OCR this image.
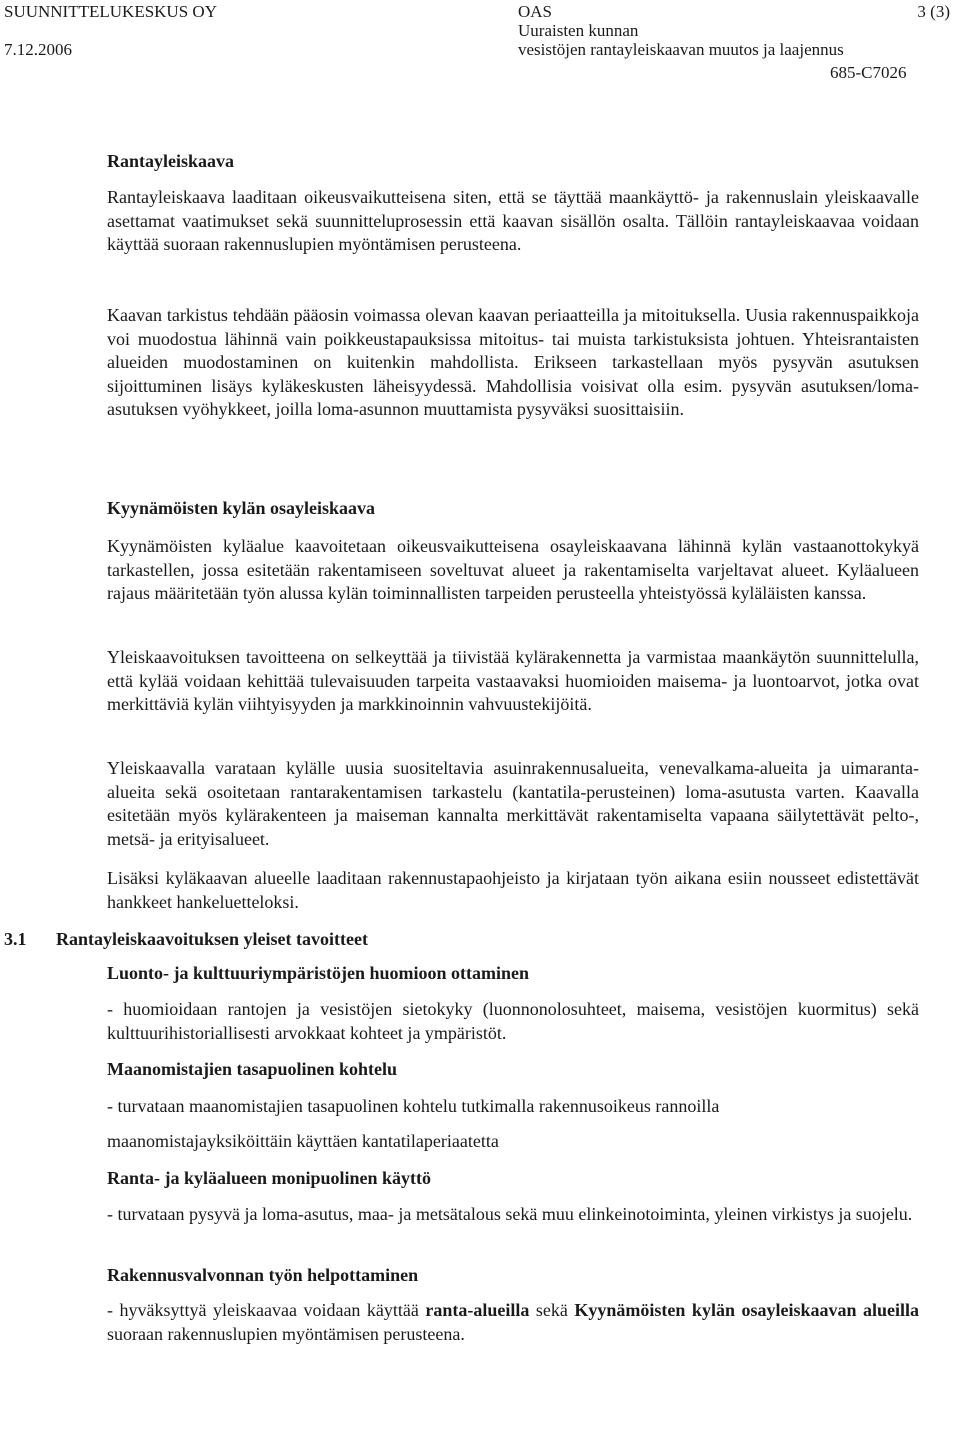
SUUNNITTELUKESKUS OY
7.12.2006
OAS
Uuraisten kunnan
vesistöjen rantayleiskaavan muutos ja laajennus
685-C7026
3 (3)
Rantayleiskaava
Rantayleiskaava laaditaan oikeusvaikutteisena siten, että se täyttää maankäyttö- ja rakennuslain yleiskaavalle asettamat vaatimukset sekä suunnitteluprosessin että kaavan sisällön osalta. Tällöin rantayleiskaavaa voidaan käyttää suoraan rakennuslupien myöntämisen perusteena.
Kaavan tarkistus tehdään pääosin voimassa olevan kaavan periaatteilla ja mitoituksella. Uusia rakennuspaikkoja voi muodostua lähinnä vain poikkeustapauksissa mitoitus- tai muista tarkistuksista johtuen. Yhteisrantaisten alueiden muodostaminen on kuitenkin mahdollista. Erikseen tarkastellaan myös pysyvän asutuksen sijoittuminen lisäys kyläkeskusten läheisyydessä. Mahdollisia voisivat olla esim. pysyvän asutuksen/loma-asutuksen vyöhykkeet, joilla loma-asunnon muuttamista pysyväksi suosittaisiin.
Kyynämöisten kylän osayleiskaava
Kyynämöisten kyläalue kaavoitetaan oikeusvaikutteisena osayleiskaavana lähinnä kylän vastaanottokykyä tarkastellen, jossa esitetään rakentamiseen soveltuvat alueet ja rakentamiselta varjeltavat alueet. Kyläalueen rajaus määritetään työn alussa kylän toiminnallisten tarpeiden perusteella yhteistyössä kyläläisten kanssa.
Yleiskaavoituksen tavoitteena on selkeyttää ja tiivistää kylärakennetta ja varmistaa maankäytön suunnittelulla, että kylää voidaan kehittää tulevaisuuden tarpeita vastaavaksi huomioiden maisema- ja luontoarvot, jotka ovat merkittäviä kylän viihtyisyyden ja markkinoinnin vahvuustekijöitä.
Yleiskaavalla varataan kylälle uusia suositeltavia asuinrakennusalueita, venevalkama-alueita ja uimaranta-alueita sekä osoitetaan rantarakentamisen tarkastelu (kantatila-perusteinen) loma-asutusta varten. Kaavalla esitetään myös kylärakenteen ja maiseman kannalta merkittävät rakentamiselta vapaana säilytettävät pelto-, metsä- ja erityisalueet.
Lisäksi kyläkaavan alueelle laaditaan rakennustapaohjeisto ja kirjataan työn aikana esiin nousseet edistettävät hankkeet hankeluetteloksi.
3.1 Rantayleiskaavoituksen yleiset tavoitteet
Luonto- ja kulttuuriympäristöjen huomioon ottaminen
- huomioidaan rantojen ja vesistöjen sietokyky (luonnonolosuhteet, maisema, vesistöjen kuormitus) sekä kulttuurihistoriallisesti arvokkaat kohteet ja ympäristöt.
Maanomistajien tasapuolinen kohtelu
- turvataan maanomistajien tasapuolinen kohtelu tutkimalla rakennusoikeus rannoilla
maanomistajayksiköittäin käyttäen kantatilaperiaatetta
Ranta- ja kyläalueen monipuolinen käyttö
- turvataan pysyvä ja loma-asutus, maa- ja metsätalous sekä muu elinkeinotoiminta, yleinen virkistys ja suojelu.
Rakennusvalvonnan työn helpottaminen
- hyväksyttyä yleiskaavaa voidaan käyttää ranta-alueilla sekä Kyynämöisten kylän osayleiskaavan alueilla suoraan rakennuslupien myöntämisen perusteena.
